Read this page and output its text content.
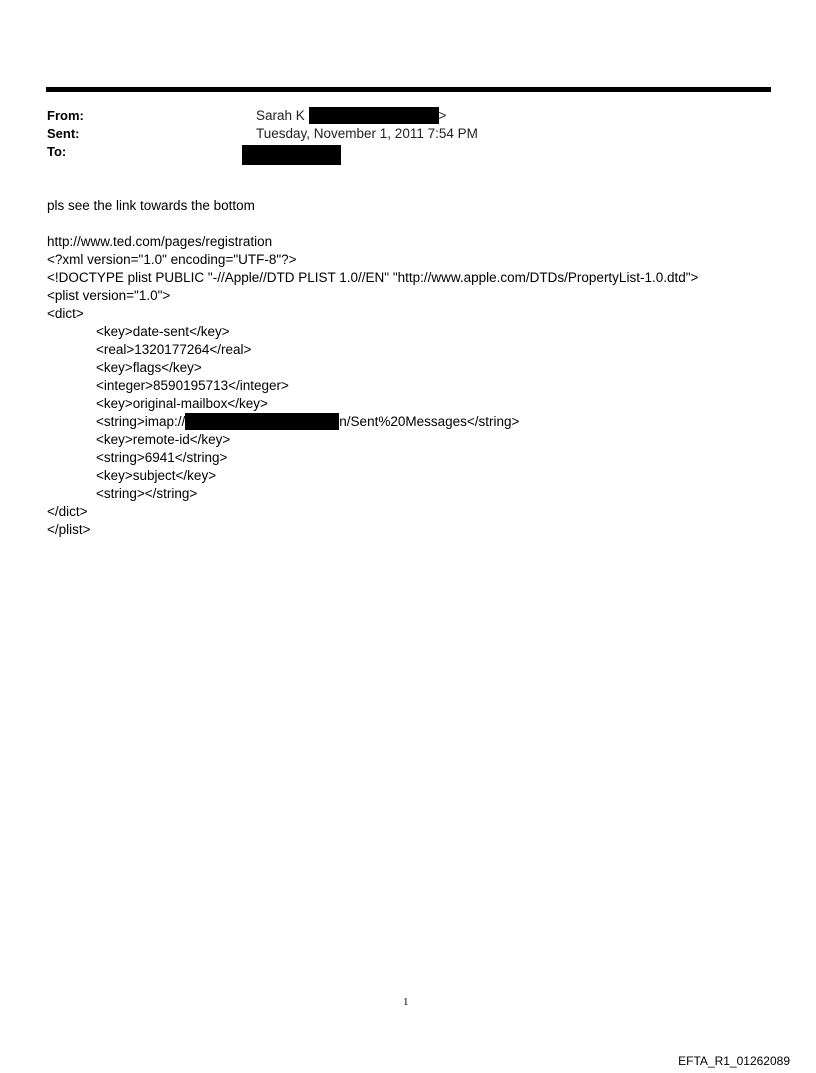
From:	Sarah K	>
Sent:	Tuesday, November 1, 2011 7:54 PM
To:
pls see the link towards the bottom
http://www.ted.com/pages/registration
<?xml version="1.0" encoding="UTF-8"?>
<!DOCTYPE plist PUBLIC "-//Apple//DTD PLIST 1.0//EN" "http://www.apple.com/DTDs/PropertyList-1.0.dtd">
<plist version="1.0">
<dict>
<key>date-sent</key>
<real>1320177264</real>
<key>flags</key>
<integer>8590195713</integer>
<key>original-mailbox</key>
<string>imap://	n/Sent%20Messages</string>
<key>remote-id</key>
<string>6941</string>
<key>subject</key>
<string></string>
</dict>
</plist>
1
EFTA_R1_01262089
